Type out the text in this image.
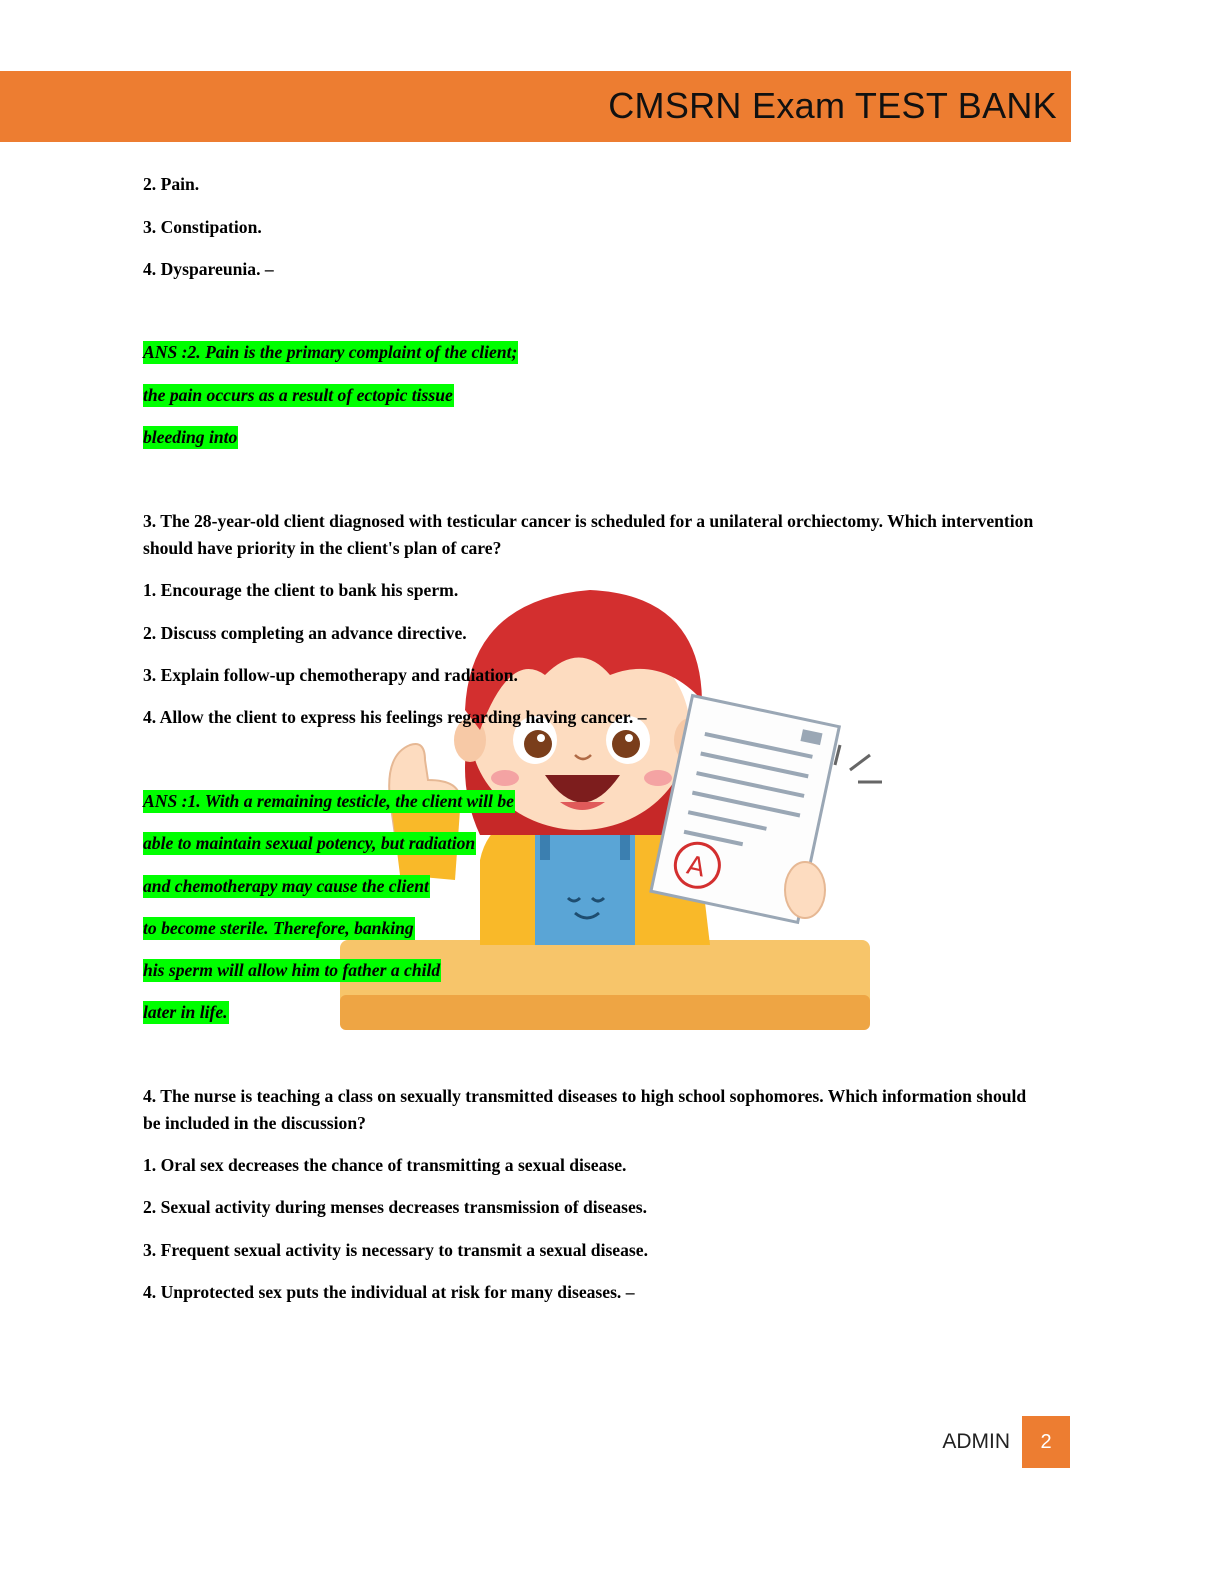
CMSRN Exam TEST BANK
A
2. Pain.
3. Constipation.
4. Dyspareunia. –
ANS :2. Pain is the primary complaint of the client;
the pain occurs as a result of ectopic tissue
bleeding into
3. The 28-year-old client diagnosed with testicular cancer is scheduled for a unilateral orchiectomy. Which intervention should have priority in the client's plan of care?
1. Encourage the client to bank his sperm.
2. Discuss completing an advance directive.
3. Explain follow-up chemotherapy and radiation.
4. Allow the client to express his feelings regarding having cancer. –
ANS :1. With a remaining testicle, the client will be
able to maintain sexual potency, but radiation
and chemotherapy may cause the client
to become sterile. Therefore, banking
his sperm will allow him to father a child
later in life.
4. The nurse is teaching a class on sexually transmitted diseases to high school sophomores. Which information should be included in the discussion?
1. Oral sex decreases the chance of transmitting a sexual disease.
2. Sexual activity during menses decreases transmission of diseases.
3. Frequent sexual activity is necessary to transmit a sexual disease.
4. Unprotected sex puts the individual at risk for many diseases. –
ADMIN	2
